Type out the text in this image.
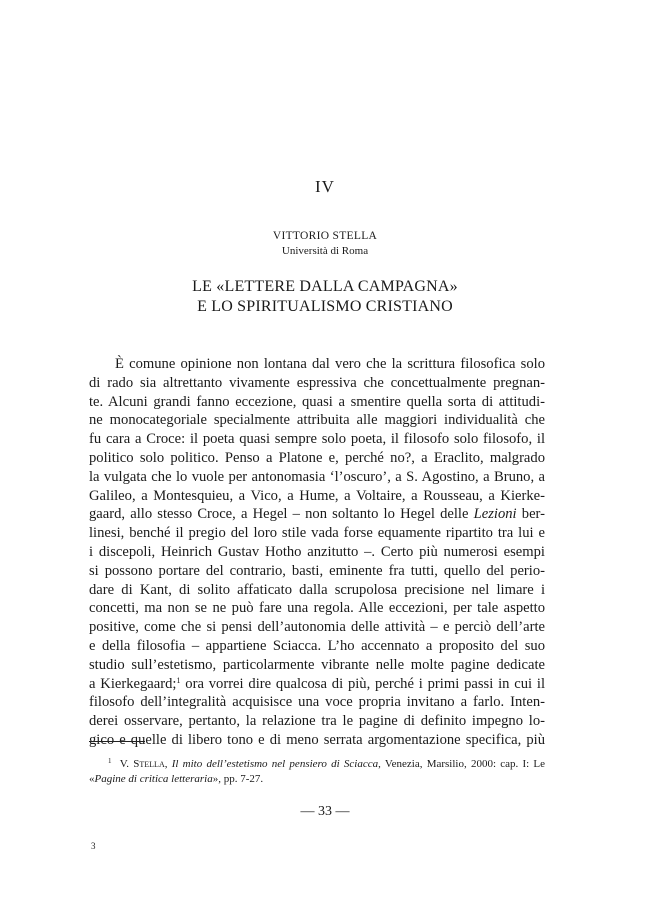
IV
VITTORIO STELLA
Università di Roma
LE «LETTERE DALLA CAMPAGNA»
E LO SPIRITUALISMO CRISTIANO
È comune opinione non lontana dal vero che la scrittura filosofica solo
di rado sia altrettanto vivamente espressiva che concettualmente pregnan-
te. Alcuni grandi fanno eccezione, quasi a smentire quella sorta di attitudi-
ne monocategoriale specialmente attribuita alle maggiori individualità che
fu cara a Croce: il poeta quasi sempre solo poeta, il filosofo solo filosofo, il
politico solo politico. Penso a Platone e, perché no?, a Eraclito, malgrado
la vulgata che lo vuole per antonomasia ‘l’oscuro’, a S. Agostino, a Bruno, a
Galileo, a Montesquieu, a Vico, a Hume, a Voltaire, a Rousseau, a Kierke-
gaard, allo stesso Croce, a Hegel – non soltanto lo Hegel delle Lezioni ber-
linesi, benché il pregio del loro stile vada forse equamente ripartito tra lui e
i discepoli, Heinrich Gustav Hotho anzitutto –. Certo più numerosi esempi
si possono portare del contrario, basti, eminente fra tutti, quello del perio-
dare di Kant, di solito affaticato dalla scrupolosa precisione nel limare i
concetti, ma non se ne può fare una regola. Alle eccezioni, per tale aspetto
positive, come che si pensi dell’autonomia delle attività – e perciò dell’arte
e della filosofia – appartiene Sciacca. L’ho accennato a proposito del suo
studio sull’estetismo, particolarmente vibrante nelle molte pagine dedicate
a Kierkegaard;$^1$ ora vorrei dire qualcosa di più, perché i primi passi in cui il
filosofo dell’integralità acquisisce una voce propria invitano a farlo. Inten-
derei osservare, pertanto, la relazione tra le pagine di definito impegno lo-
gico e quelle di libero tono e di meno serrata argomentazione specifica, più
$^1$ V. Stella, Il mito dell’estetismo nel pensiero di Sciacca, Venezia, Marsilio, 2000: cap. I: Le
«Pagine di critica letteraria», pp. 7-27.
— 33 —
3
